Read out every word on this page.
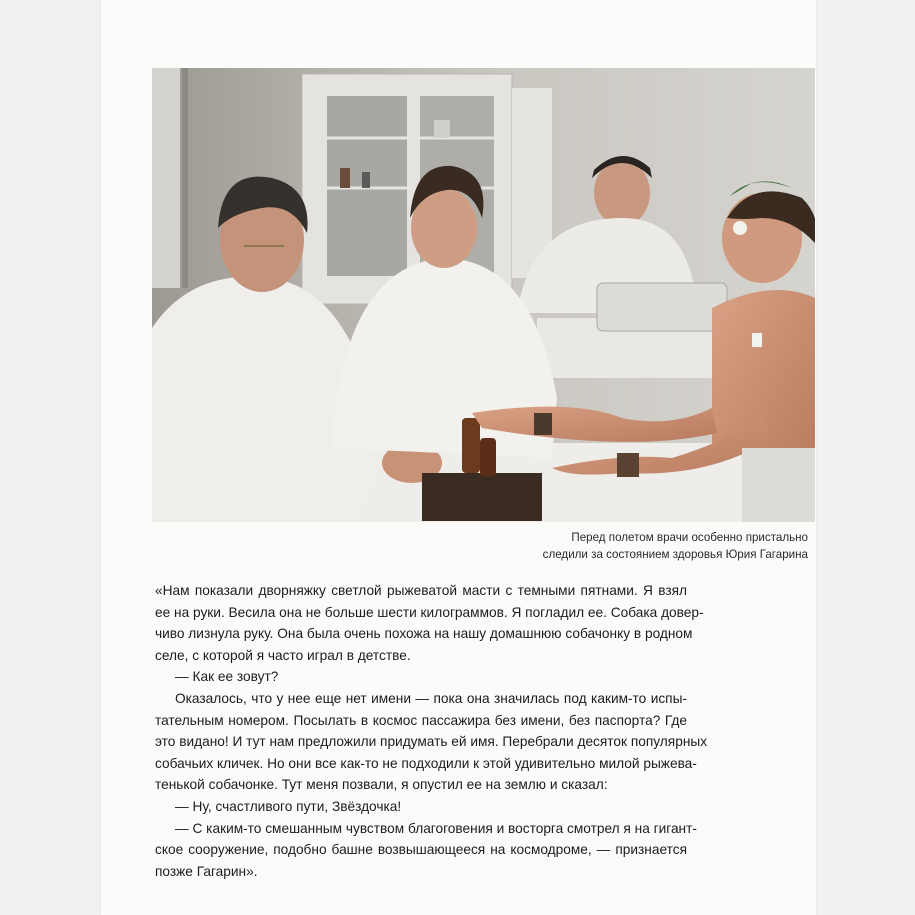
Перед полетом врачи особенно пристально
следили за состоянием здоровья Юрия Гагарина
«Нам показали дворняжку светлой рыжеватой масти с темными пятнами. Я взял
ее на руки. Весила она не больше шести килограммов. Я погладил ее. Собака довер-
чиво лизнула руку. Она была очень похожа на нашу домашнюю собачонку в родном
селе, с которой я часто играл в детстве.
— Как ее зовут?
Оказалось, что у нее еще нет имени — пока она значилась под каким-то испы-
тательным номером. Посылать в космос пассажира без имени, без паспорта? Где
это видано! И тут нам предложили придумать ей имя. Перебрали десяток популярных
собачьих кличек. Но они все как-то не подходили к этой удивительно милой рыжева-
тенькой собачонке. Тут меня позвали, я опустил ее на землю и сказал:
— Ну, счастливого пути, Звёздочка!
— С каким-то смешанным чувством благоговения и восторга смотрел я на гигант-
ское сооружение, подобно башне возвышающееся на космодроме, — признается
позже Гагарин».
